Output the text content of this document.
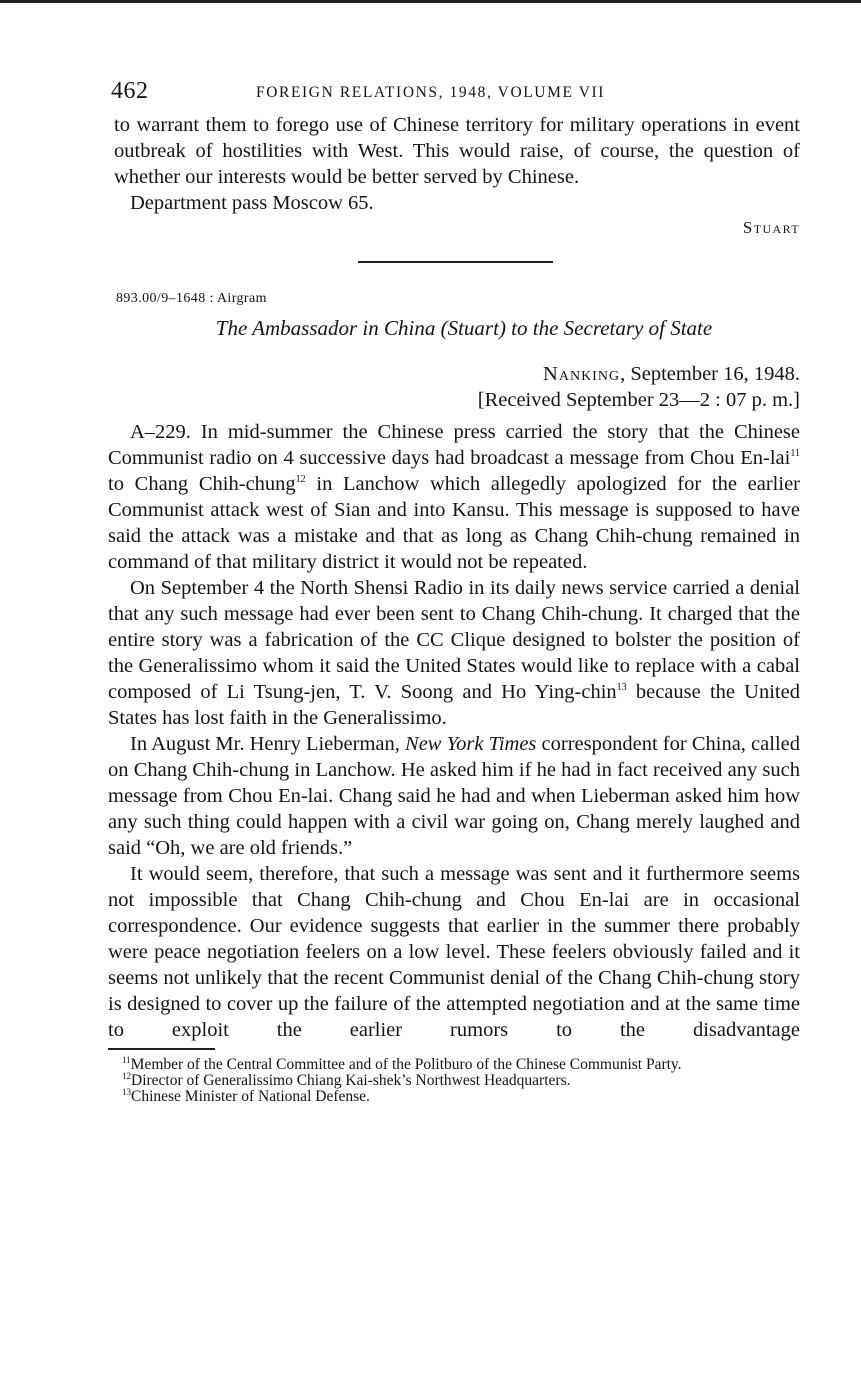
462	FOREIGN RELATIONS, 1948, VOLUME VII

to warrant them to forego use of Chinese territory for military operations in event outbreak of hostilities with West. This would raise, of course, the question of whether our interests would be better served by Chinese.

Department pass Moscow 65.

Stuart
893.00/9–1648 : Airgram
The Ambassador in China (Stuart) to the Secretary of State
Nanking, September 16, 1948.
[Received September 23—2 : 07 p. m.]

A–229. In mid-summer the Chinese press carried the story that the Chinese Communist radio on 4 successive days had broadcast a message from Chou En-lai$^{11}$ to Chang Chih-chung$^{12}$ in Lanchow which allegedly apologized for the earlier Communist attack west of Sian and into Kansu. This message is supposed to have said the attack was a mistake and that as long as Chang Chih-chung remained in command of that military district it would not be repeated.

On September 4 the North Shensi Radio in its daily news service carried a denial that any such message had ever been sent to Chang Chih-chung. It charged that the entire story was a fabrication of the CC Clique designed to bolster the position of the Generalissimo whom it said the United States would like to replace with a cabal composed of Li Tsung-jen, T. V. Soong and Ho Ying-chin$^{13}$ because the United States has lost faith in the Generalissimo.

In August Mr. Henry Lieberman, New York Times correspondent for China, called on Chang Chih-chung in Lanchow. He asked him if he had in fact received any such message from Chou En-lai. Chang said he had and when Lieberman asked him how any such thing could happen with a civil war going on, Chang merely laughed and said “Oh, we are old friends.”

It would seem, therefore, that such a message was sent and it furthermore seems not impossible that Chang Chih-chung and Chou En-lai are in occasional correspondence. Our evidence suggests that earlier in the summer there probably were peace negotiation feelers on a low level. These feelers obviously failed and it seems not unlikely that the recent Communist denial of the Chang Chih-chung story is designed to cover up the failure of the attempted negotiation and at the same time to exploit the earlier rumors to the disadvantage

$^{11}$Member of the Central Committee and of the Politburo of the Chinese Communist Party.

$^{12}$Director of Generalissimo Chiang Kai-shek’s Northwest Headquarters.

$^{13}$Chinese Minister of National Defense.
